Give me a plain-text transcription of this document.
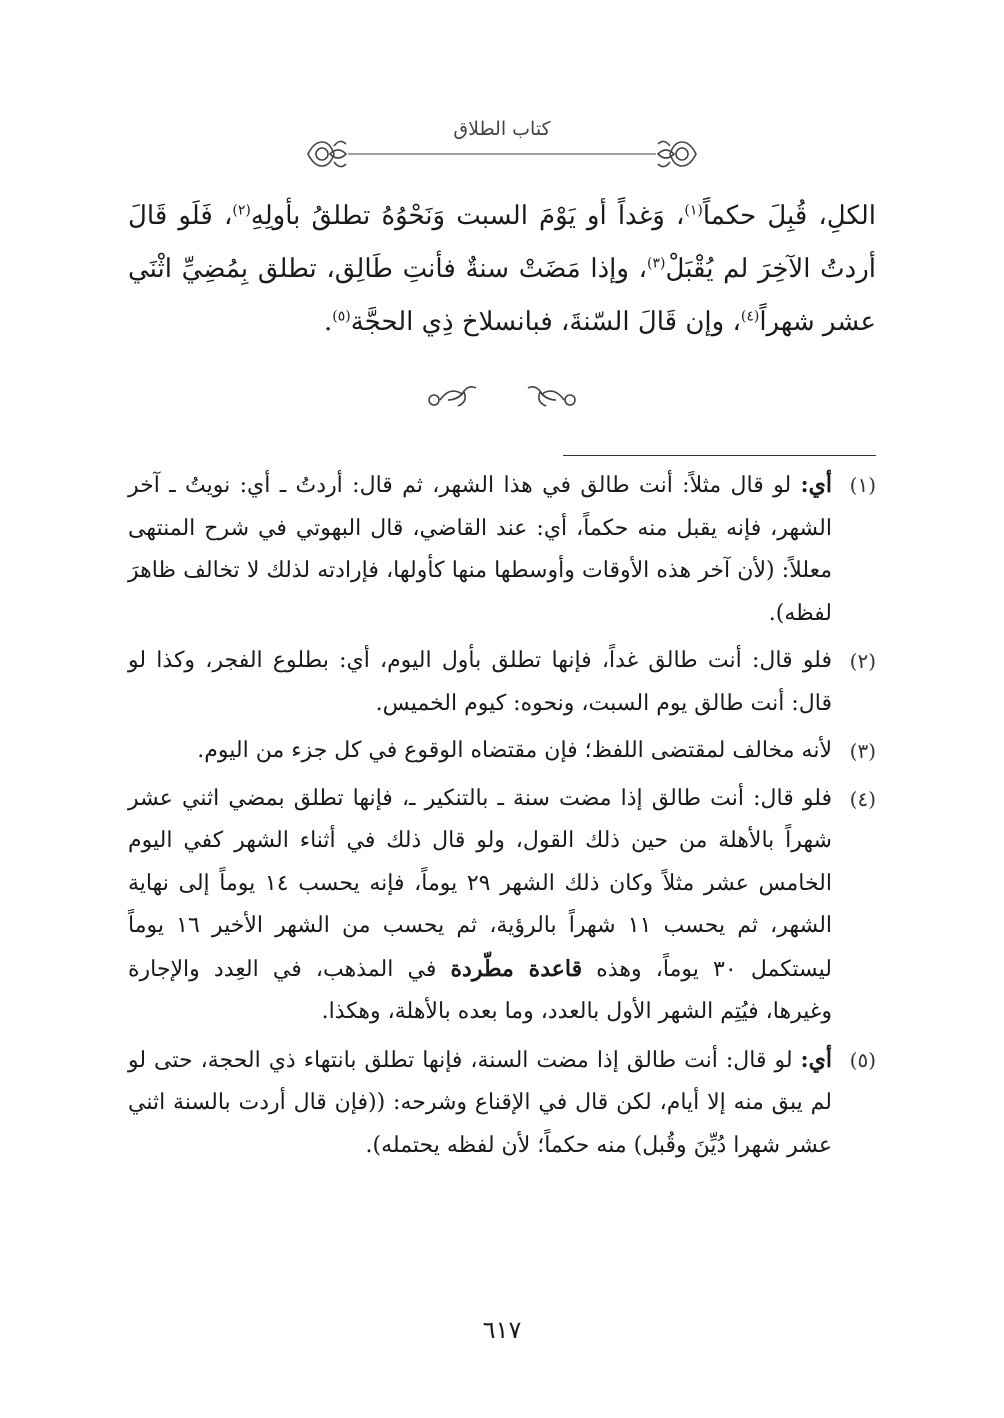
كتاب الطلاق

الكلِ، قُبِلَ حكماً$^{(١)}$، وَغداً أو يَوْمَ السبت وَنَحْوُهُ تطلقُ بأولِهِ$^{(٢)}$، فَلَو قَالَ أردتُ الآخِرَ لم يُقْبَلْ$^{(٣)}$، وإذا مَضَتْ سنةٌ فأنتِ طَالِق، تطلق بِمُضِيِّ اثْنَي عشر شهراً$^{(٤)}$، وإن قَالَ السّنةَ، فبانسلاخ ذِي الحجَّة$^{(٥)}$.

(١)
أي: لو قال مثلاً: أنت طالق في هذا الشهر، ثم قال: أردتُ ـ أي: نويتُ ـ آخر الشهر، فإنه يقبل منه حكماً، أي: عند القاضي، قال البهوتي في شرح المنتهى معللاً: (لأن آخر هذه الأوقات وأوسطها منها كأولها، فإرادته لذلك لا تخالف ظاهرَ لفظه).

(٢)
فلو قال: أنت طالق غداً، فإنها تطلق بأول اليوم، أي: بطلوع الفجر، وكذا لو قال: أنت طالق يوم السبت، ونحوه: كيوم الخميس.

(٣)
لأنه مخالف لمقتضى اللفظ؛ فإن مقتضاه الوقوع في كل جزء من اليوم.

(٤)
فلو قال: أنت طالق إذا مضت سنة ـ بالتنكير ـ، فإنها تطلق بمضي اثني عشر شهراً بالأهلة من حين ذلك القول، ولو قال ذلك في أثناء الشهر كفي اليوم الخامس عشر مثلاً وكان ذلك الشهر ٢٩ يوماً، فإنه يحسب ١٤ يوماً إلى نهاية الشهر، ثم يحسب ١١ شهراً بالرؤية، ثم يحسب من الشهر الأخير ١٦ يوماً ليستكمل ٣٠ يوماً، وهذه قاعدة مطّردة في المذهب، في العِدد والإجارة وغيرها، فيُتِم الشهر الأول بالعدد، وما بعده بالأهلة، وهكذا.

(٥)
أي: لو قال: أنت طالق إذا مضت السنة، فإنها تطلق بانتهاء ذي الحجة، حتى لو لم يبق منه إلا أيام، لكن قال في الإقناع وشرحه: ((فإن قال أردت بالسنة اثني عشر شهرا دُيِّنَ وقُبل) منه حكماً؛ لأن لفظه يحتمله).

٦١٧
